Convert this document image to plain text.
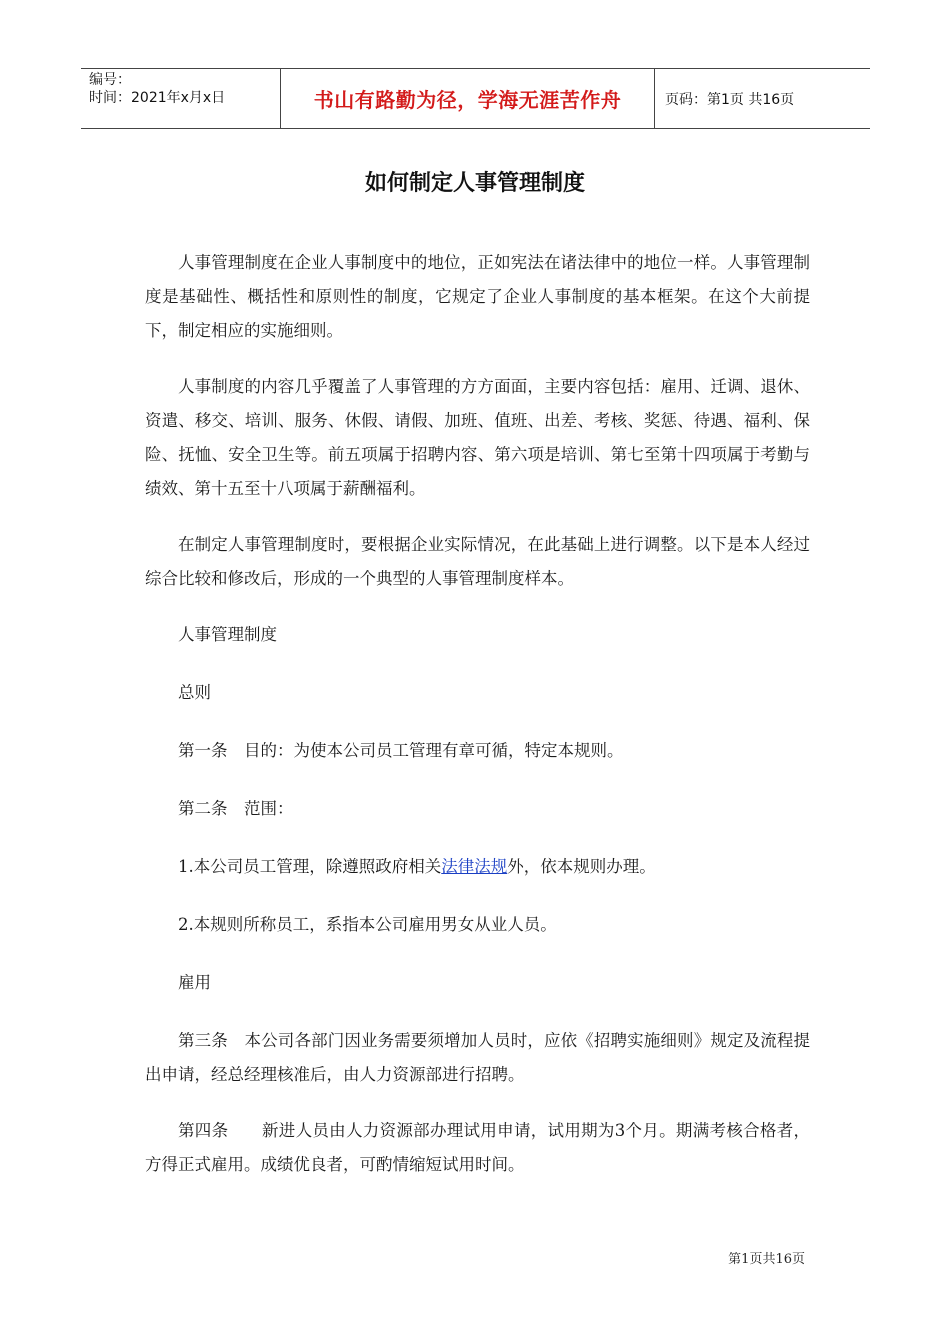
编号：
时间：2021年x月x日	书山有路勤为径，学海无涯苦作舟	页码：第1页 共16页
如何制定人事管理制度

人事管理制度在企业人事制度中的地位，正如宪法在诸法律中的地位一样。人事管理制度是基础性、概括性和原则性的制度，它规定了企业人事制度的基本框架。在这个大前提下，制定相应的实施细则。

人事制度的内容几乎覆盖了人事管理的方方面面，主要内容包括：雇用、迁调、退休、资遣、移交、培训、服务、休假、请假、加班、值班、出差、考核、奖惩、待遇、福利、保险、抚恤、安全卫生等。前五项属于招聘内容、第六项是培训、第七至第十四项属于考勤与绩效、第十五至十八项属于薪酬福利。

在制定人事管理制度时，要根据企业实际情况，在此基础上进行调整。以下是本人经过综合比较和修改后，形成的一个典型的人事管理制度样本。

人事管理制度

总则

第一条　目的：为使本公司员工管理有章可循，特定本规则。

第二条　范围：

1.本公司员工管理，除遵照政府相关法律法规外，依本规则办理。

2.本规则所称员工，系指本公司雇用男女从业人员。

雇用

第三条　本公司各部门因业务需要须增加人员时，应依《招聘实施细则》规定及流程提出申请，经总经理核准后，由人力资源部进行招聘。

第四条　　新进人员由人力资源部办理试用申请，试用期为3个月。期满考核合格者，方得正式雇用。成绩优良者，可酌情缩短试用时间。

第1页共16页
